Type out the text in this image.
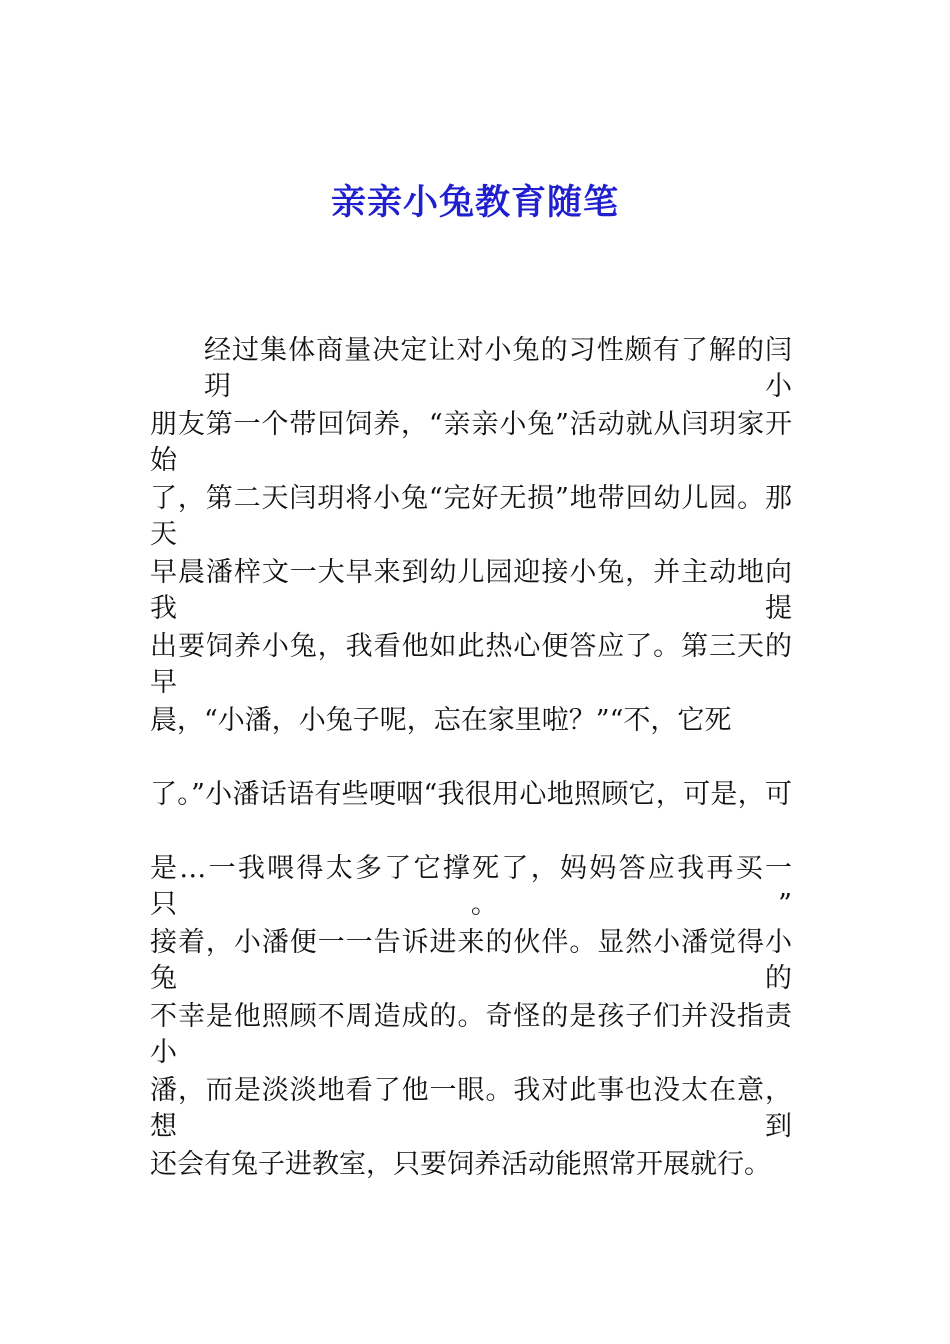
亲亲小兔教育随笔
经过集体商量决定让对小兔的习性颇有了解的闫玥小
朋友第一个带回饲养，“亲亲小兔”活动就从闫玥家开始
了，第二天闫玥将小兔“完好无损”地带回幼儿园。那天
早晨潘梓文一大早来到幼儿园迎接小兔，并主动地向我提
出要饲养小兔，我看他如此热心便答应了。第三天的早
晨，“小潘，小兔子呢，忘在家里啦？”“不，它死
了。”小潘话语有些哽咽“我很用心地照顾它，可是，可
是…一我喂得太多了它撑死了，妈妈答应我再买一只。”
接着，小潘便一一告诉进来的伙伴。显然小潘觉得小兔的
不幸是他照顾不周造成的。奇怪的是孩子们并没指责小
潘，而是淡淡地看了他一眼。我对此事也没太在意，想到
还会有兔子进教室，只要饲养活动能照常开展就行。
